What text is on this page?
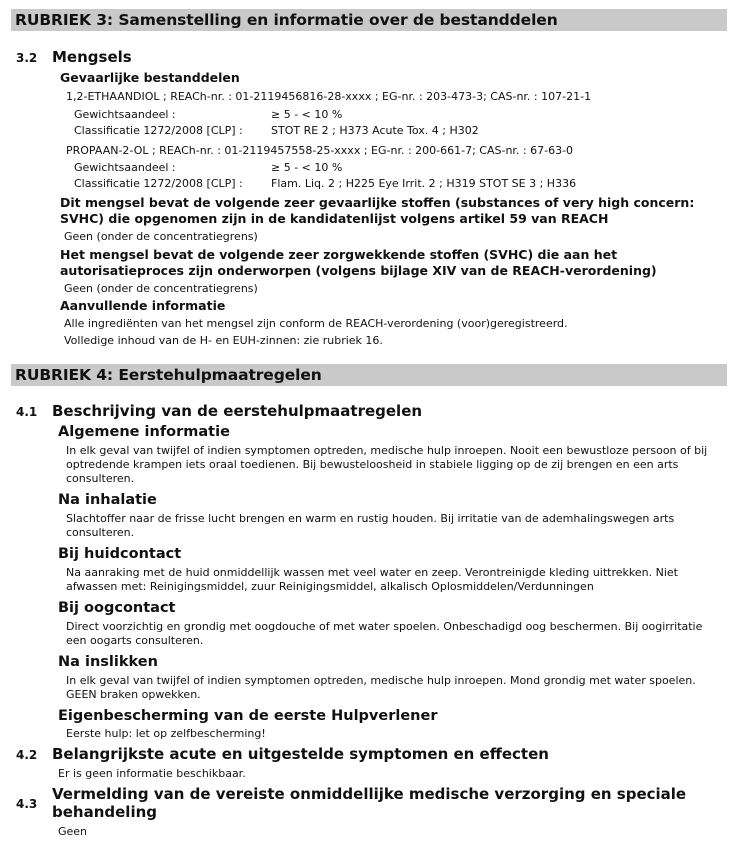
RUBRIEK 3: Samenstelling en informatie over de bestanddelen
3.2 Mengsels
Gevaarlijke bestanddelen
1,2-ETHAANDIOL ; REACh-nr. : 01-2119456816-28-xxxx ; EG-nr. : 203-473-3; CAS-nr. : 107-21-1
Gewichtsaandeel :	≥ 5 - < 10 %
Classificatie 1272/2008 [CLP] :	STOT RE 2 ; H373 Acute Tox. 4 ; H302
PROPAAN-2-OL ; REACh-nr. : 01-2119457558-25-xxxx ; EG-nr. : 200-661-7; CAS-nr. : 67-63-0
Gewichtsaandeel :	≥ 5 - < 10 %
Classificatie 1272/2008 [CLP] :	Flam. Liq. 2 ; H225 Eye Irrit. 2 ; H319 STOT SE 3 ; H336
Dit mengsel bevat de volgende zeer gevaarlijke stoffen (substances of very high concern: SVHC) die opgenomen zijn in de kandidatenlijst volgens artikel 59 van REACH
Geen (onder de concentratiegrens)
Het mengsel bevat de volgende zeer zorgwekkende stoffen (SVHC) die aan het autorisatieproces zijn onderworpen (volgens bijlage XIV van de REACH-verordening)
Geen (onder de concentratiegrens)
Aanvullende informatie
Alle ingrediënten van het mengsel zijn conform de REACH-verordening (voor)geregistreerd.
Volledige inhoud van de H- en EUH-zinnen: zie rubriek 16.
RUBRIEK 4: Eerstehulpmaatregelen
4.1 Beschrijving van de eerstehulpmaatregelen
Algemene informatie
In elk geval van twijfel of indien symptomen optreden, medische hulp inroepen. Nooit een bewustloze persoon of bij optredende krampen iets oraal toedienen. Bij bewusteloosheid in stabiele ligging op de zij brengen en een arts consulteren.
Na inhalatie
Slachtoffer naar de frisse lucht brengen en warm en rustig houden. Bij irritatie van de ademhalingswegen arts consulteren.
Bij huidcontact
Na aanraking met de huid onmiddellijk wassen met veel water en zeep. Verontreinigde kleding uittrekken. Niet afwassen met: Reinigingsmiddel, zuur Reinigingsmiddel, alkalisch Oplosmiddelen/Verdunningen
Bij oogcontact
Direct voorzichtig en grondig met oogdouche of met water spoelen. Onbeschadigd oog beschermen. Bij oogirritatie een oogarts consulteren.
Na inslikken
In elk geval van twijfel of indien symptomen optreden, medische hulp inroepen. Mond grondig met water spoelen. GEEN braken opwekken.
Eigenbescherming van de eerste Hulpverlener
Eerste hulp: let op zelfbescherming!
4.2 Belangrijkste acute en uitgestelde symptomen en effecten
Er is geen informatie beschikbaar.
4.3
Vermelding van de vereiste onmiddellijke medische verzorging en speciale behandeling
Geen
